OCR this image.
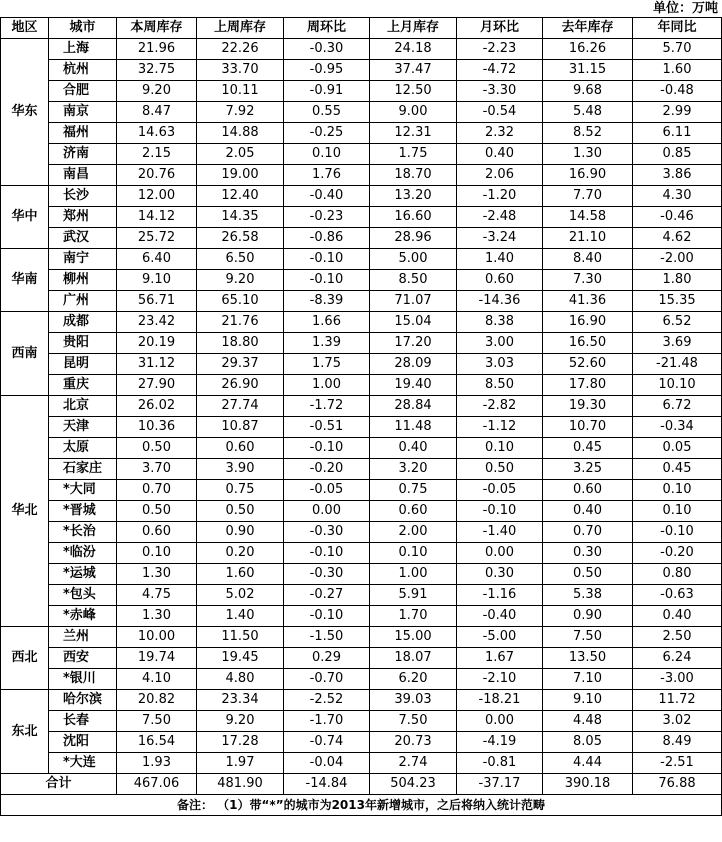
单位：万吨
地区	城市	本周库存	上周库存	周环比	上月库存	月环比	去年库存	年同比
华东	上海	21.96	22.26	-0.30	24.18	-2.23	16.26	5.70
	杭州	32.75	33.70	-0.95	37.47	-4.72	31.15	1.60
	合肥	9.20	10.11	-0.91	12.50	-3.30	9.68	-0.48
	南京	8.47	7.92	0.55	9.00	-0.54	5.48	2.99
	福州	14.63	14.88	-0.25	12.31	2.32	8.52	6.11
	济南	2.15	2.05	0.10	1.75	0.40	1.30	0.85
	南昌	20.76	19.00	1.76	18.70	2.06	16.90	3.86
华中	长沙	12.00	12.40	-0.40	13.20	-1.20	7.70	4.30
	郑州	14.12	14.35	-0.23	16.60	-2.48	14.58	-0.46
	武汉	25.72	26.58	-0.86	28.96	-3.24	21.10	4.62
华南	南宁	6.40	6.50	-0.10	5.00	1.40	8.40	-2.00
	柳州	9.10	9.20	-0.10	8.50	0.60	7.30	1.80
	广州	56.71	65.10	-8.39	71.07	-14.36	41.36	15.35
西南	成都	23.42	21.76	1.66	15.04	8.38	16.90	6.52
	贵阳	20.19	18.80	1.39	17.20	3.00	16.50	3.69
	昆明	31.12	29.37	1.75	28.09	3.03	52.60	-21.48
	重庆	27.90	26.90	1.00	19.40	8.50	17.80	10.10
华北	北京	26.02	27.74	-1.72	28.84	-2.82	19.30	6.72
	天津	10.36	10.87	-0.51	11.48	-1.12	10.70	-0.34
	太原	0.50	0.60	-0.10	0.40	0.10	0.45	0.05
	石家庄	3.70	3.90	-0.20	3.20	0.50	3.25	0.45
	*大同	0.70	0.75	-0.05	0.75	-0.05	0.60	0.10
	*晋城	0.50	0.50	0.00	0.60	-0.10	0.40	0.10
	*长治	0.60	0.90	-0.30	2.00	-1.40	0.70	-0.10
	*临汾	0.10	0.20	-0.10	0.10	0.00	0.30	-0.20
	*运城	1.30	1.60	-0.30	1.00	0.30	0.50	0.80
	*包头	4.75	5.02	-0.27	5.91	-1.16	5.38	-0.63
	*赤峰	1.30	1.40	-0.10	1.70	-0.40	0.90	0.40
西北	兰州	10.00	11.50	-1.50	15.00	-5.00	7.50	2.50
	西安	19.74	19.45	0.29	18.07	1.67	13.50	6.24
	*银川	4.10	4.80	-0.70	6.20	-2.10	7.10	-3.00
东北	哈尔滨	20.82	23.34	-2.52	39.03	-18.21	9.10	11.72
	长春	7.50	9.20	-1.70	7.50	0.00	4.48	3.02
	沈阳	16.54	17.28	-0.74	20.73	-4.19	8.05	8.49
	*大连	1.93	1.97	-0.04	2.74	-0.81	4.44	-2.51
合计		467.06	481.90	-14.84	504.23	-37.17	390.18	76.88
备注： （1）带“*”的城市为2013年新增城市，之后将纳入统计范畴								
